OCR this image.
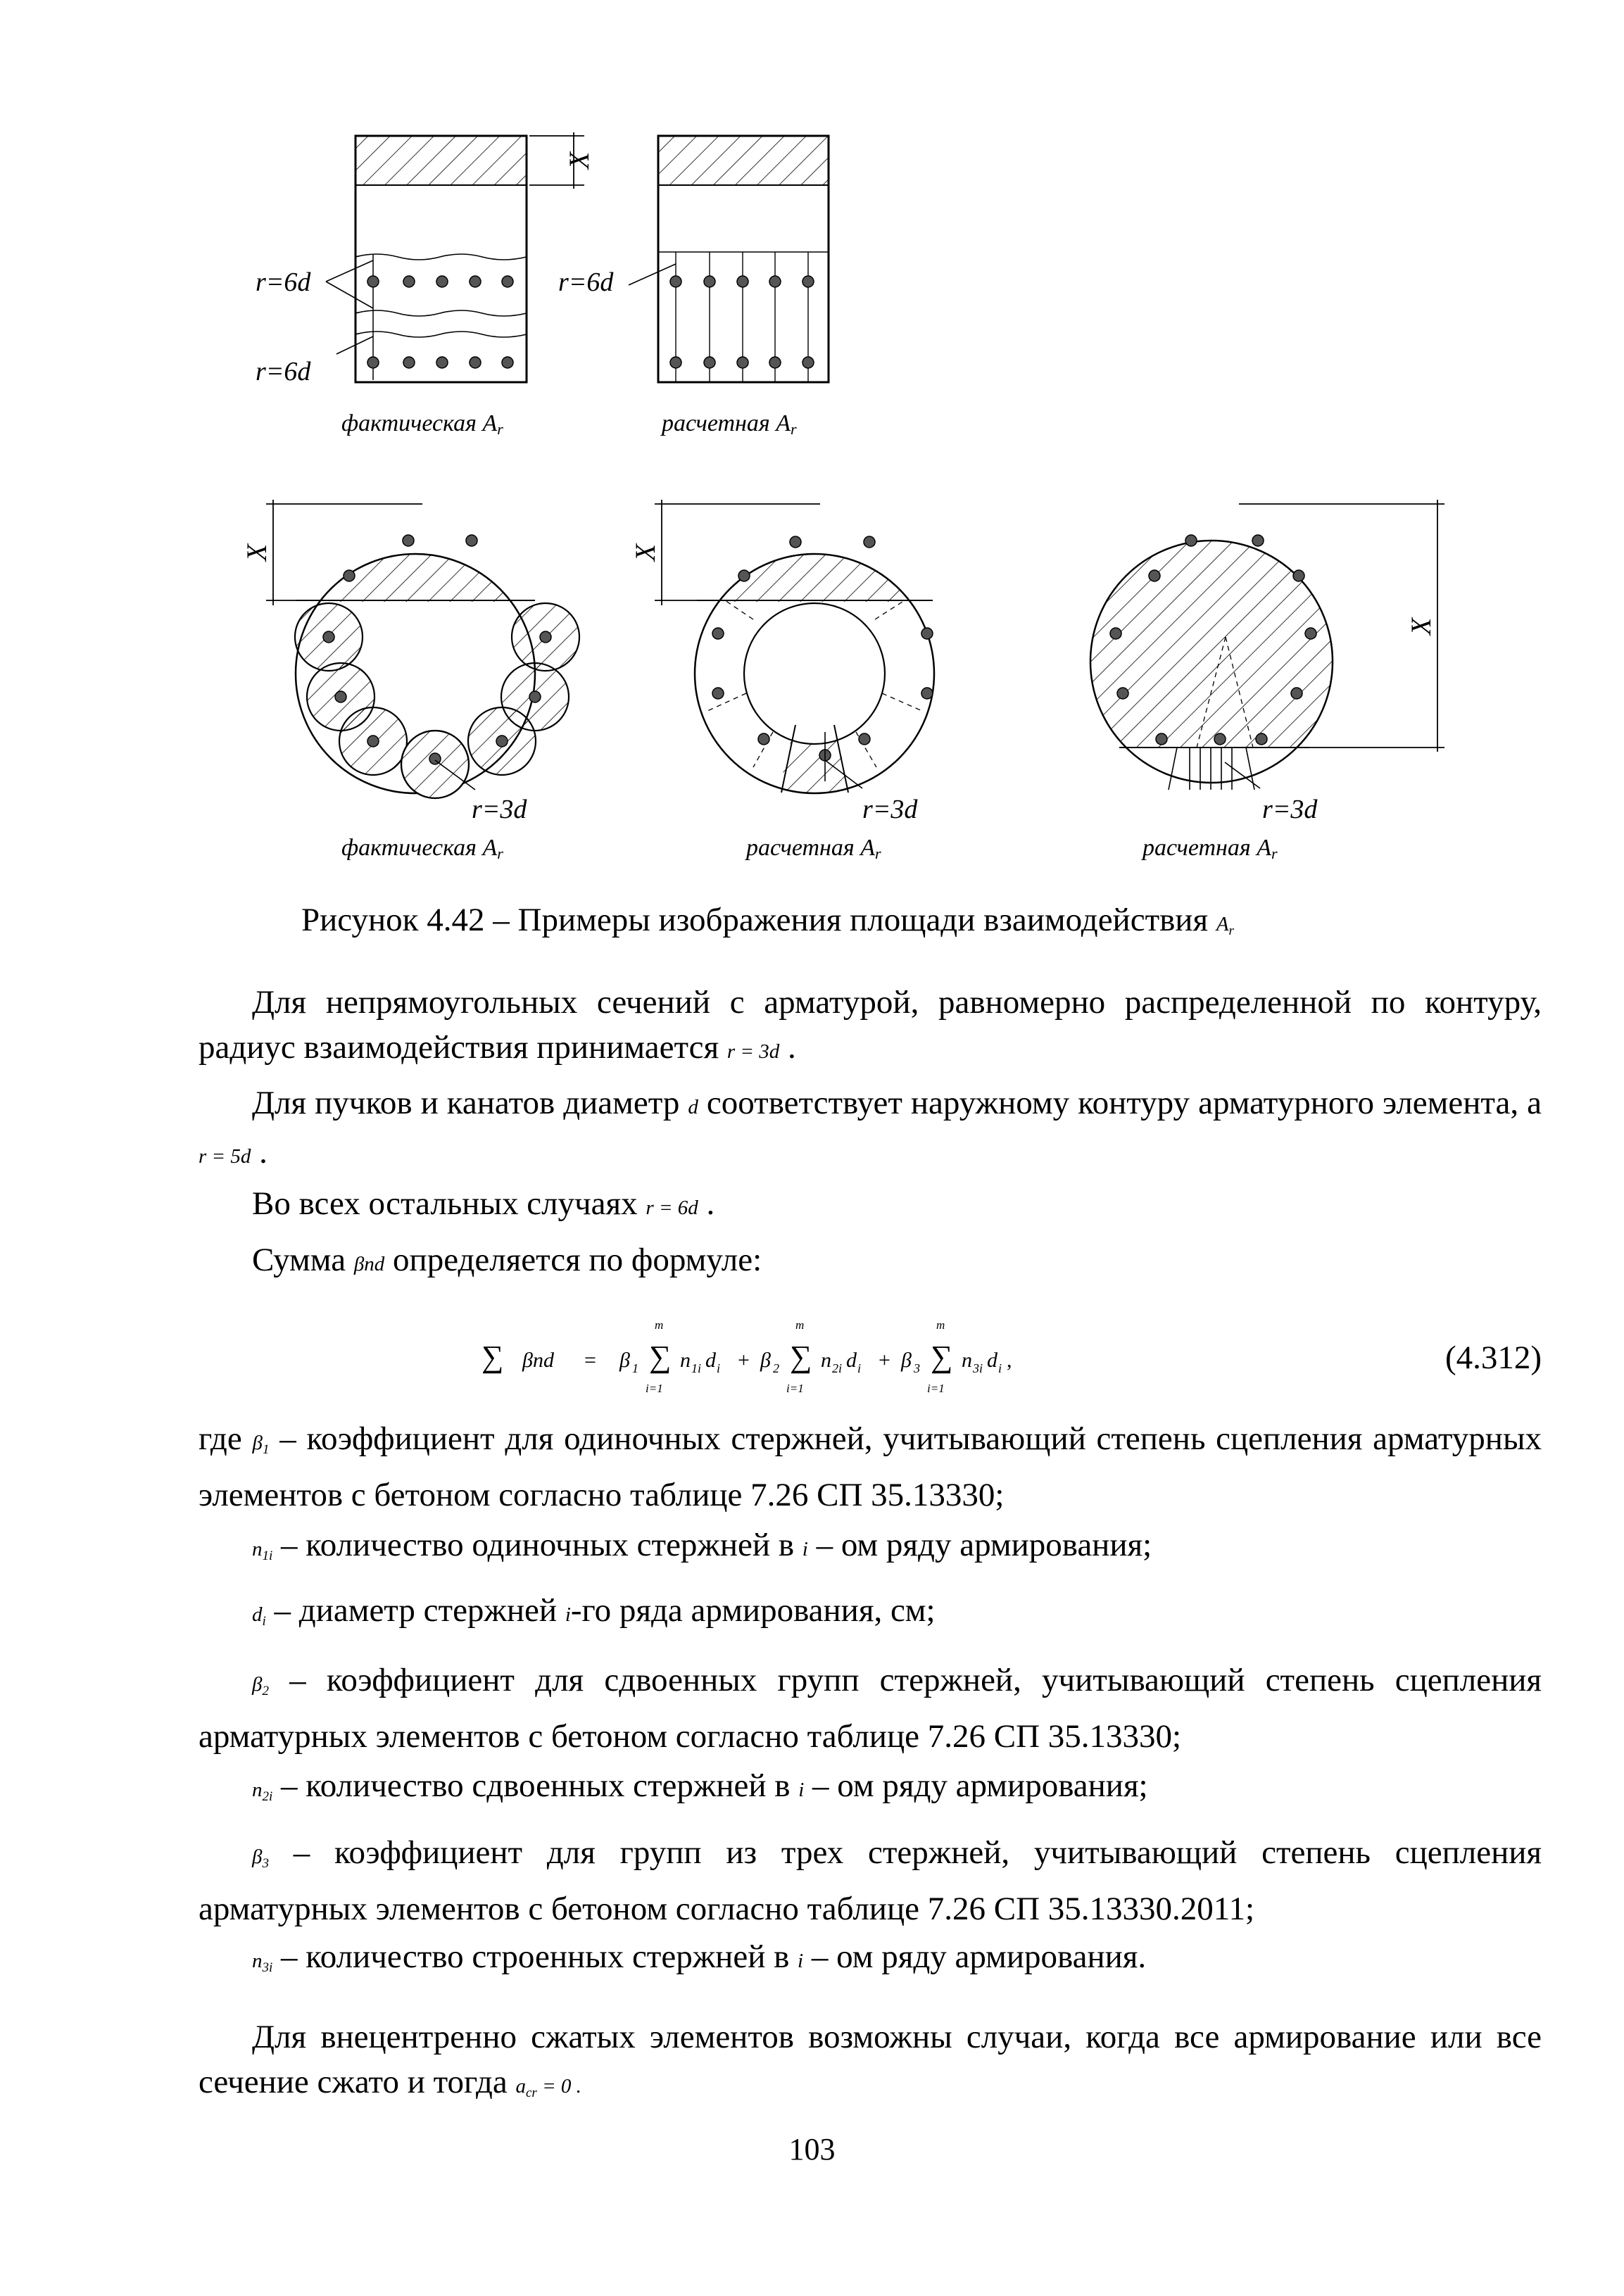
r=6d
r=6d
r=6d
r=3d	r=3d	r=3d
X
X	X
X
фактическая Ar	расчетная Ar
фактическая Ar	расчетная Ar	расчетная Ar
Рисунок 4.42 – Примеры изображения площади взаимодействия $A_r$
Для непрямоугольных сечений с арматурой, равномерно распределенной по контуру, радиус взаимодействия принимается r = 3d .
Для пучков и канатов диаметр d соответствует наружному контуру арматурного элемента, а r = 5d .
Во всех остальных случаях r = 6d .
Сумма βnd определяется по формуле:
∑ βnd = β 1 ∑
m
i=1
n 1 i d i + β 2 ∑
m
i=1
n 2 i d i + β 3 ∑
m
i=1
n 3 i d i ,	(4.312)
где $\beta_1$ – коэффициент для одиночных стержней, учитывающий степень сцепления арматурных элементов с бетоном согласно таблице 7.26 СП 35.13330;
$n_{1i}$ – количество одиночных стержней в i – ом ряду армирования;
$d_i$ – диаметр стержней i-го ряда армирования, см;
$\beta_2$ – коэффициент для сдвоенных групп стержней, учитывающий степень сцепления арматурных элементов с бетоном согласно таблице 7.26 СП 35.13330;
$n_{2i}$ – количество сдвоенных стержней в i – ом ряду армирования;
$\beta_3$ – коэффициент для групп из трех стержней, учитывающий степень сцепления арматурных элементов с бетоном согласно таблице 7.26 СП 35.13330.2011;
$n_{3i}$ – количество строенных стержней в i – ом ряду армирования.
Для внецентренно сжатых элементов возможны случаи, когда все армирование или все сечение сжато и тогда $a_{cr} = 0$ .
103
